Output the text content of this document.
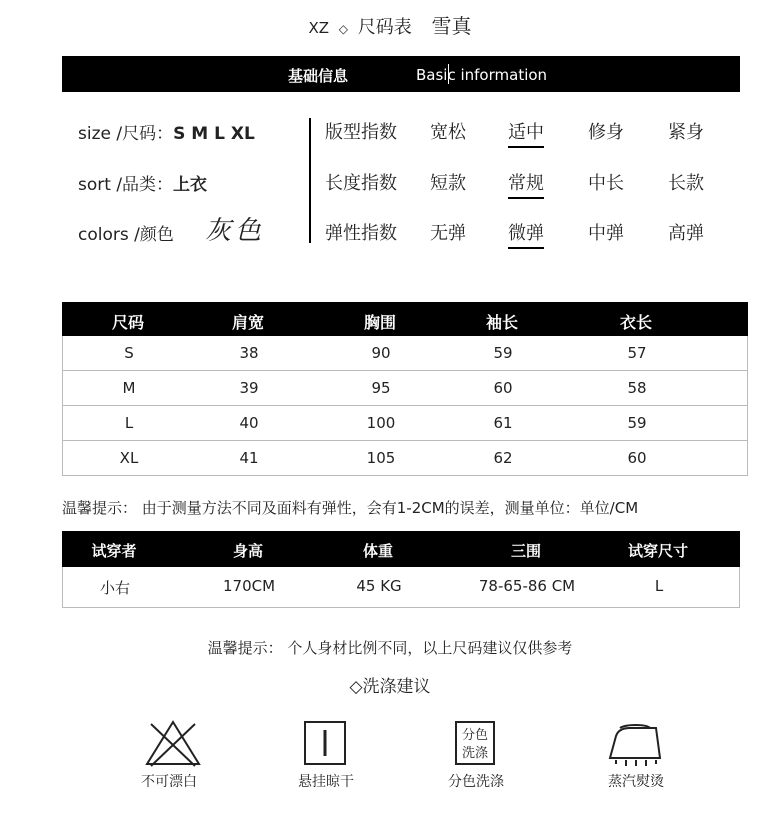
XZ ◇ 尺码表 雪真
基础信息	Basic information
size /尺码：S M L XL
sort /品类：上衣
colors /颜色 灰色
版型指数 宽松 适中 修身 紧身
长度指数 短款 常规 中长 长款
弹性指数 无弹 微弹 中弹 高弹
尺码	肩宽	胸围	袖长	衣长
S	38	90	59	57
M	39	95	60	58
L	40	100	61	59
XL	41	105	62	60
温馨提示： 由于测量方法不同及面料有弹性，会有1-2CM的误差，测量单位：单位/CM
试穿者	身高	体重	三围	试穿尺寸
小右	170CM	45 KG	78-65-86 CM	L
温馨提示： 个人身材比例不同，以上尺码建议仅供参考
◇洗涤建议
分色
洗涤
不可漂白	悬挂晾干	分色洗涤	蒸汽熨烫
